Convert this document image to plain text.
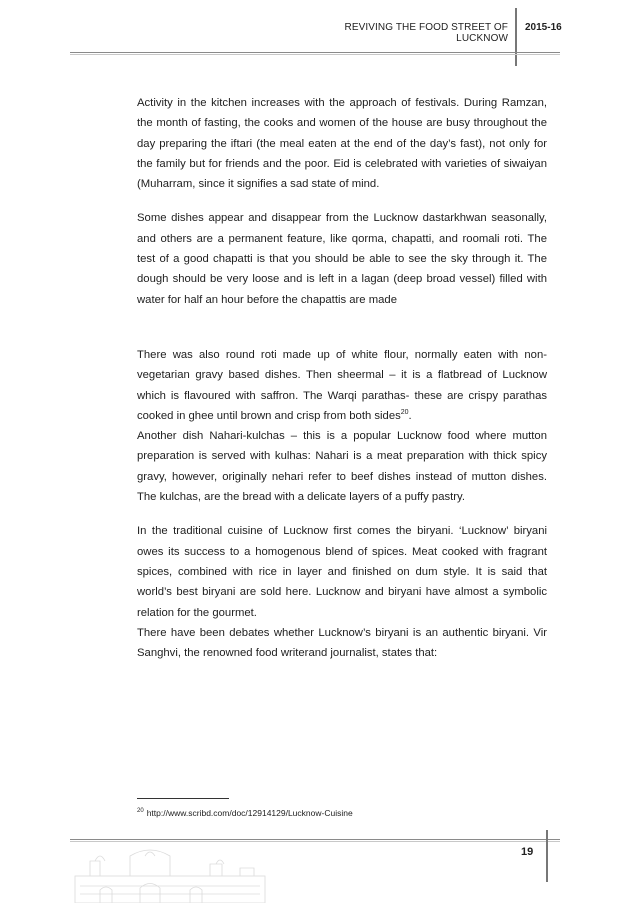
REVIVING THE FOOD STREET OF LUCKNOW
2015-16

Activity in the kitchen increases with the approach of festivals. During Ramzan, the month of fasting, the cooks and women of the house are busy throughout the day preparing the iftari (the meal eaten at the end of the day’s fast), not only for the family but for friends and the poor. Eid is celebrated with varieties of siwaiyan (Muharram, since it signifies a sad state of mind.

Some dishes appear and disappear from the Lucknow dastarkhwan seasonally, and others are a permanent feature, like qorma, chapatti, and roomali roti. The test of a good chapatti is that you should be able to see the sky through it. The dough should be very loose and is left in a lagan (deep broad vessel) filled with water for half an hour before the chapattis are made

There was also round roti made up of white flour, normally eaten with non-vegetarian gravy based dishes. Then sheermal – it is a flatbread of Lucknow which is flavoured with saffron. The Warqi parathas- these are crispy parathas cooked in ghee until brown and crisp from both sides$^{20}$.

Another dish Nahari-kulchas – this is a popular Lucknow food where mutton preparation is served with kulhas: Nahari is a meat preparation with thick spicy gravy, however, originally nehari refer to beef dishes instead of mutton dishes. The kulchas, are the bread with a delicate layers of a puffy pastry.

In the traditional cuisine of Lucknow first comes the biryani. ‘Lucknow’ biryani owes its success to a homogenous blend of spices. Meat cooked with fragrant spices, combined with rice in layer and finished on dum style. It is said that world’s best biryani are sold here. Lucknow and biryani have almost a symbolic relation for the gourmet.

There have been debates whether Lucknow’s biryani is an authentic biryani. Vir Sanghvi, the renowned food writerand journalist, states that:

$^{20}$ http://www.scribd.com/doc/12914129/Lucknow-Cuisine
19
